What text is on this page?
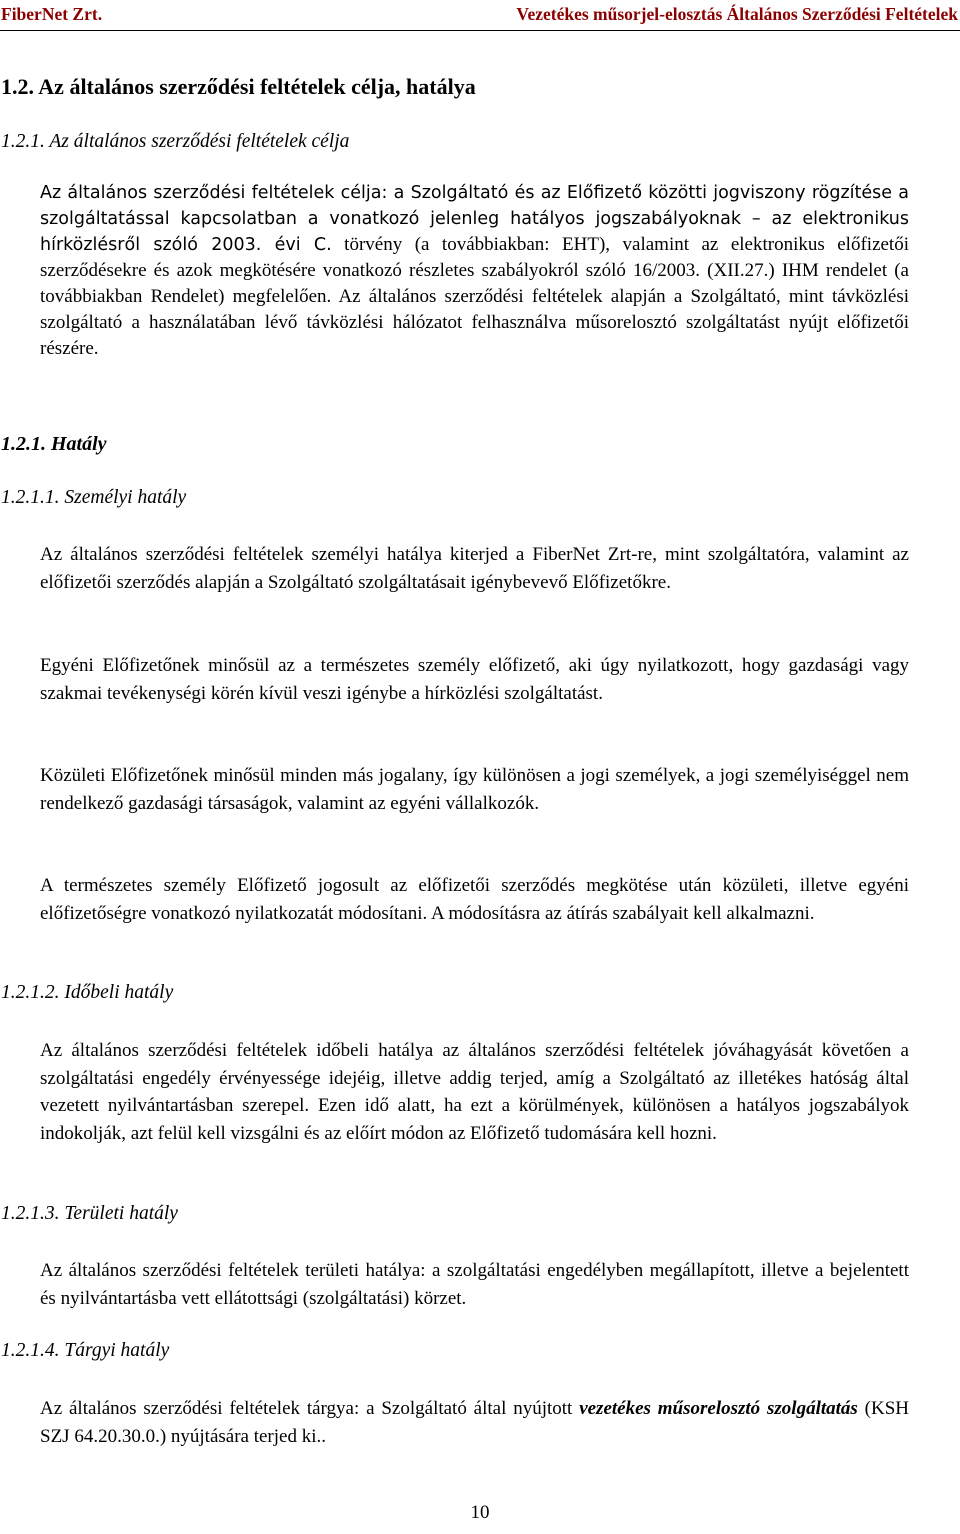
FiberNet Zrt.	Vezetékes műsorjel-elosztás Általános Szerződési Feltételek
1.2. Az általános szerződési feltételek célja, hatálya
1.2.1. Az általános szerződési feltételek célja

Az általános szerződési feltételek célja: a Szolgáltató és az Előfizető közötti jogviszony rögzítése a szolgáltatással kapcsolatban a vonatkozó jelenleg hatályos jogszabályoknak – az elektronikus hírközlésről szóló 2003. évi C. törvény (a továbbiakban: EHT), valamint az elektronikus előfizetői szerződésekre és azok megkötésére vonatkozó részletes szabályokról szóló 16/2003. (XII.27.) IHM rendelet (a továbbiakban Rendelet) megfelelően. Az általános szerződési feltételek alapján a Szolgáltató, mint távközlési szolgáltató a használatában lévő távközlési hálózatot felhasználva műsorelosztó szolgáltatást nyújt előfizetői részére.

1.2.1. Hatály
1.2.1.1. Személyi hatály

Az általános szerződési feltételek személyi hatálya kiterjed a FiberNet Zrt-re, mint szolgáltatóra, valamint az előfizetői szerződés alapján a Szolgáltató szolgáltatásait igénybevevő Előfizetőkre.

Egyéni Előfizetőnek minősül az a természetes személy előfizető, aki úgy nyilatkozott, hogy gazdasági vagy szakmai tevékenységi körén kívül veszi igénybe a hírközlési szolgáltatást.

Közületi Előfizetőnek minősül minden más jogalany, így különösen a jogi személyek, a jogi személyiséggel nem rendelkező gazdasági társaságok, valamint az egyéni vállalkozók.

A természetes személy Előfizető jogosult az előfizetői szerződés megkötése után közületi, illetve egyéni előfizetőségre vonatkozó nyilatkozatát módosítani. A módosításra az átírás szabályait kell alkalmazni.

1.2.1.2. Időbeli hatály

Az általános szerződési feltételek időbeli hatálya az általános szerződési feltételek jóváhagyását követően a szolgáltatási engedély érvényessége idejéig, illetve addig terjed, amíg a Szolgáltató az illetékes hatóság által vezetett nyilvántartásban szerepel. Ezen idő alatt, ha ezt a körülmények, különösen a hatályos jogszabályok indokolják, azt felül kell vizsgálni és az előírt módon az Előfizető tudomására kell hozni.

1.2.1.3. Területi hatály

Az általános szerződési feltételek területi hatálya: a szolgáltatási engedélyben megállapított, illetve a bejelentett és nyilvántartásba vett ellátottsági (szolgáltatási) körzet.

1.2.1.4. Tárgyi hatály

Az általános szerződési feltételek tárgya: a Szolgáltató által nyújtott vezetékes műsorelosztó szolgáltatás (KSH SZJ 64.20.30.0.) nyújtására terjed ki..

10
